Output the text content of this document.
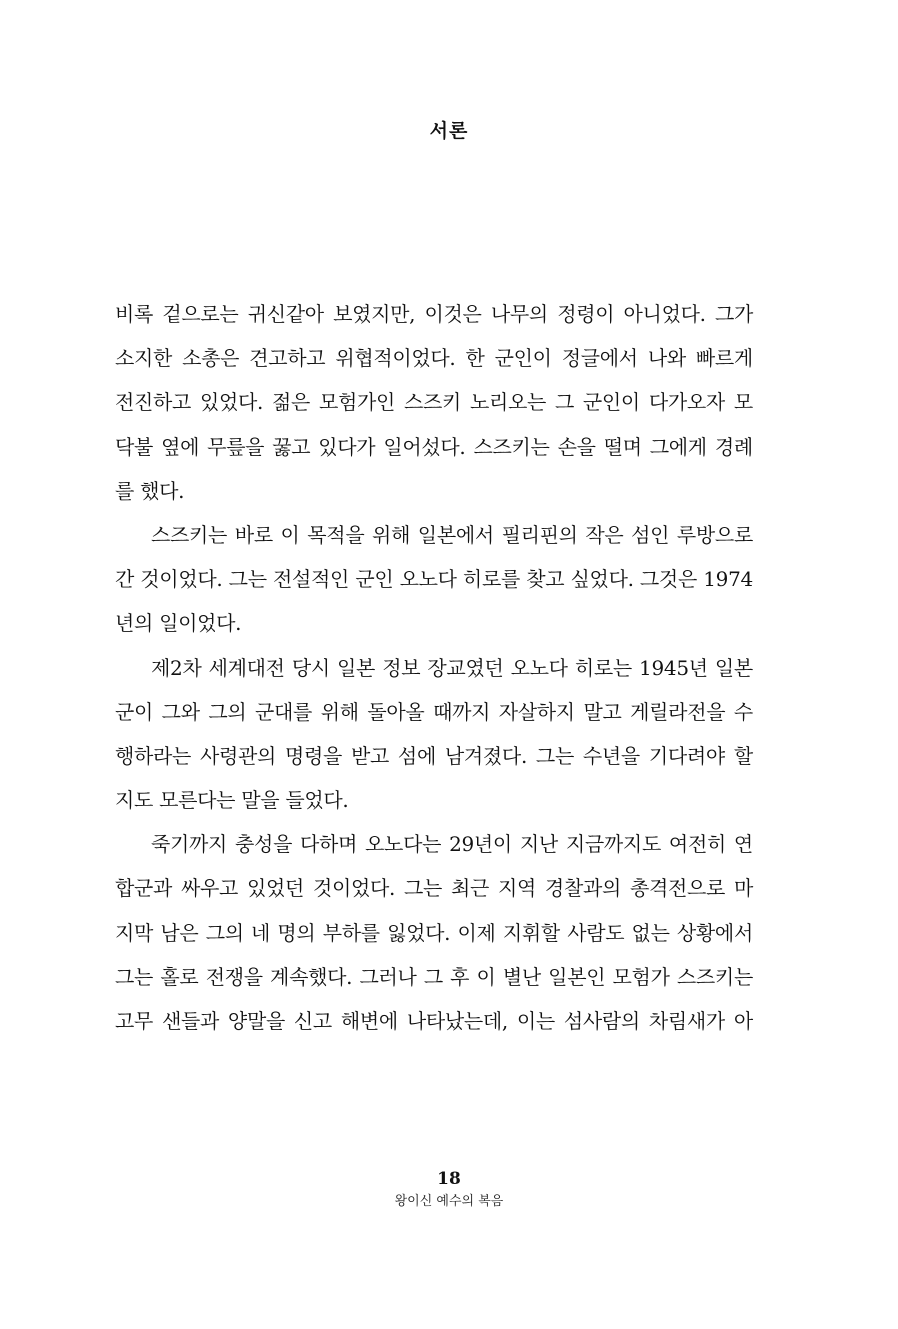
서론
비록 겉으로는 귀신같아 보였지만, 이것은 나무의 정령이 아니었다. 그가
소지한 소총은 견고하고 위협적이었다. 한 군인이 정글에서 나와 빠르게
전진하고 있었다. 젊은 모험가인 스즈키 노리오는 그 군인이 다가오자 모
닥불 옆에 무릎을 꿇고 있다가 일어섰다. 스즈키는 손을 떨며 그에게 경례
를 했다.
스즈키는 바로 이 목적을 위해 일본에서 필리핀의 작은 섬인 루방으로
간 것이었다. 그는 전설적인 군인 오노다 히로를 찾고 싶었다. 그것은 1974
년의 일이었다.
제2차 세계대전 당시 일본 정보 장교였던 오노다 히로는 1945년 일본
군이 그와 그의 군대를 위해 돌아올 때까지 자살하지 말고 게릴라전을 수
행하라는 사령관의 명령을 받고 섬에 남겨졌다. 그는 수년을 기다려야 할
지도 모른다는 말을 들었다.
죽기까지 충성을 다하며 오노다는 29년이 지난 지금까지도 여전히 연
합군과 싸우고 있었던 것이었다. 그는 최근 지역 경찰과의 총격전으로 마
지막 남은 그의 네 명의 부하를 잃었다. 이제 지휘할 사람도 없는 상황에서
그는 홀로 전쟁을 계속했다. 그러나 그 후 이 별난 일본인 모험가 스즈키는
고무 샌들과 양말을 신고 해변에 나타났는데, 이는 섬사람의 차림새가 아
18
왕이신 예수의 복음
